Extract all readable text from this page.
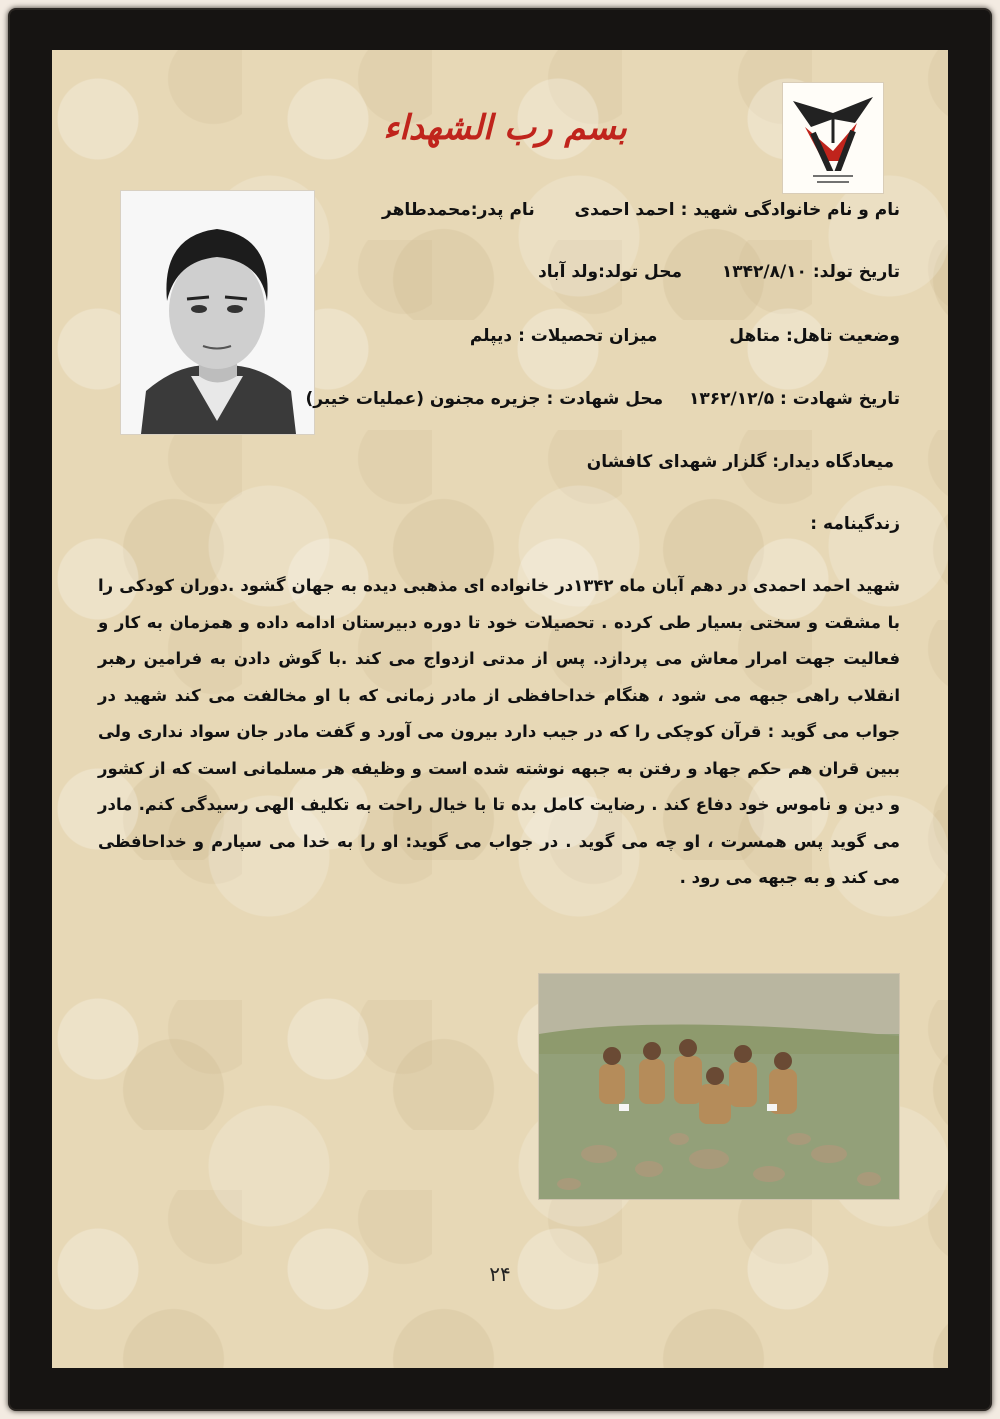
بسم رب الشهداء
نام و نام خانوادگی شهید : احمد احمدی  نام پدر:محمدطاهر
تاریخ تولد: ۱۳۴۲/۸/۱۰  محل تولد:ولد آباد
وضعیت تاهل: متاهل  میزان تحصیلات : دیپلم
تاریخ شهادت : ۱۳۶۲/۱۲/۵  محل شهادت : جزیره مجنون (عملیات خیبر)
میعادگاه دیدار: گلزار شهدای کافشان
زندگینامه :

شهید احمد احمدی در دهم آبان ماه ۱۳۴۲در خانواده ای مذهبی دیده به جهان گشود .دوران کودکی را با مشقت و سختی بسیار طی کرده . تحصیلات خود تا دوره دبیرستان ادامه داده و همزمان به کار و فعالیت جهت امرار معاش می پردازد. پس از مدتی ازدواج می کند .با گوش دادن به فرامین رهبر انقلاب راهی جبهه می شود ، هنگام خداحافظی از مادر زمانی که با او مخالفت می کند شهید در جواب می گوید : قرآن کوچکی را که در جیب دارد بیرون می آورد و گفت مادر جان سواد نداری ولی ببین قران هم حکم جهاد و رفتن به جبهه نوشته شده است و وظیفه هر مسلمانی است که از کشور و دین و ناموس خود دفاع کند . رضایت کامل بده تا با خیال راحت به تکلیف الهی رسیدگی کنم. مادر می گوید پس همسرت ، او چه می گوید . در جواب می گوید: او را به خدا می سپارم و خداحافظی می کند و به جبهه می رود .

۲۴
